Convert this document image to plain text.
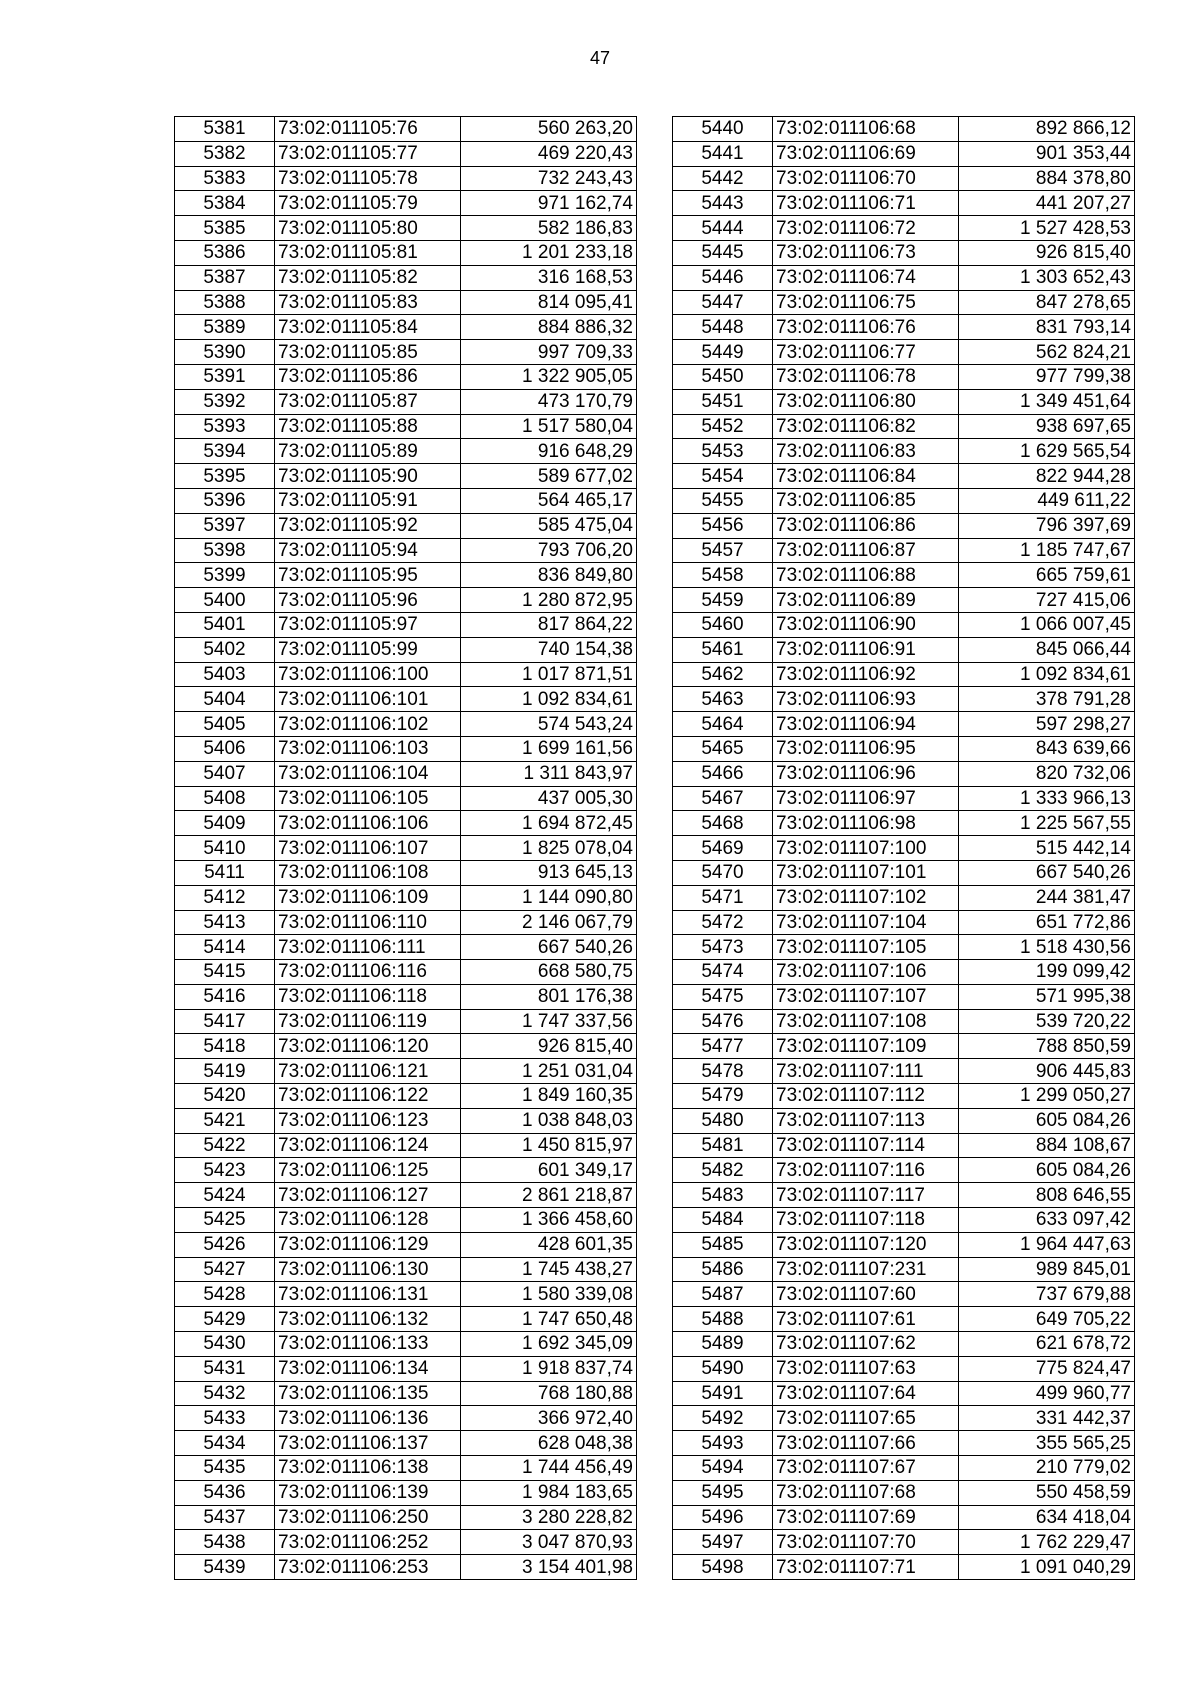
47
5381	73:02:011105:76	560 263,20
5382	73:02:011105:77	469 220,43
5383	73:02:011105:78	732 243,43
5384	73:02:011105:79	971 162,74
5385	73:02:011105:80	582 186,83
5386	73:02:011105:81	1 201 233,18
5387	73:02:011105:82	316 168,53
5388	73:02:011105:83	814 095,41
5389	73:02:011105:84	884 886,32
5390	73:02:011105:85	997 709,33
5391	73:02:011105:86	1 322 905,05
5392	73:02:011105:87	473 170,79
5393	73:02:011105:88	1 517 580,04
5394	73:02:011105:89	916 648,29
5395	73:02:011105:90	589 677,02
5396	73:02:011105:91	564 465,17
5397	73:02:011105:92	585 475,04
5398	73:02:011105:94	793 706,20
5399	73:02:011105:95	836 849,80
5400	73:02:011105:96	1 280 872,95
5401	73:02:011105:97	817 864,22
5402	73:02:011105:99	740 154,38
5403	73:02:011106:100	1 017 871,51
5404	73:02:011106:101	1 092 834,61
5405	73:02:011106:102	574 543,24
5406	73:02:011106:103	1 699 161,56
5407	73:02:011106:104	1 311 843,97
5408	73:02:011106:105	437 005,30
5409	73:02:011106:106	1 694 872,45
5410	73:02:011106:107	1 825 078,04
5411	73:02:011106:108	913 645,13
5412	73:02:011106:109	1 144 090,80
5413	73:02:011106:110	2 146 067,79
5414	73:02:011106:111	667 540,26
5415	73:02:011106:116	668 580,75
5416	73:02:011106:118	801 176,38
5417	73:02:011106:119	1 747 337,56
5418	73:02:011106:120	926 815,40
5419	73:02:011106:121	1 251 031,04
5420	73:02:011106:122	1 849 160,35
5421	73:02:011106:123	1 038 848,03
5422	73:02:011106:124	1 450 815,97
5423	73:02:011106:125	601 349,17
5424	73:02:011106:127	2 861 218,87
5425	73:02:011106:128	1 366 458,60
5426	73:02:011106:129	428 601,35
5427	73:02:011106:130	1 745 438,27
5428	73:02:011106:131	1 580 339,08
5429	73:02:011106:132	1 747 650,48
5430	73:02:011106:133	1 692 345,09
5431	73:02:011106:134	1 918 837,74
5432	73:02:011106:135	768 180,88
5433	73:02:011106:136	366 972,40
5434	73:02:011106:137	628 048,38
5435	73:02:011106:138	1 744 456,49
5436	73:02:011106:139	1 984 183,65
5437	73:02:011106:250	3 280 228,82
5438	73:02:011106:252	3 047 870,93
5439	73:02:011106:253	3 154 401,98
5440	73:02:011106:68	892 866,12
5441	73:02:011106:69	901 353,44
5442	73:02:011106:70	884 378,80
5443	73:02:011106:71	441 207,27
5444	73:02:011106:72	1 527 428,53
5445	73:02:011106:73	926 815,40
5446	73:02:011106:74	1 303 652,43
5447	73:02:011106:75	847 278,65
5448	73:02:011106:76	831 793,14
5449	73:02:011106:77	562 824,21
5450	73:02:011106:78	977 799,38
5451	73:02:011106:80	1 349 451,64
5452	73:02:011106:82	938 697,65
5453	73:02:011106:83	1 629 565,54
5454	73:02:011106:84	822 944,28
5455	73:02:011106:85	449 611,22
5456	73:02:011106:86	796 397,69
5457	73:02:011106:87	1 185 747,67
5458	73:02:011106:88	665 759,61
5459	73:02:011106:89	727 415,06
5460	73:02:011106:90	1 066 007,45
5461	73:02:011106:91	845 066,44
5462	73:02:011106:92	1 092 834,61
5463	73:02:011106:93	378 791,28
5464	73:02:011106:94	597 298,27
5465	73:02:011106:95	843 639,66
5466	73:02:011106:96	820 732,06
5467	73:02:011106:97	1 333 966,13
5468	73:02:011106:98	1 225 567,55
5469	73:02:011107:100	515 442,14
5470	73:02:011107:101	667 540,26
5471	73:02:011107:102	244 381,47
5472	73:02:011107:104	651 772,86
5473	73:02:011107:105	1 518 430,56
5474	73:02:011107:106	199 099,42
5475	73:02:011107:107	571 995,38
5476	73:02:011107:108	539 720,22
5477	73:02:011107:109	788 850,59
5478	73:02:011107:111	906 445,83
5479	73:02:011107:112	1 299 050,27
5480	73:02:011107:113	605 084,26
5481	73:02:011107:114	884 108,67
5482	73:02:011107:116	605 084,26
5483	73:02:011107:117	808 646,55
5484	73:02:011107:118	633 097,42
5485	73:02:011107:120	1 964 447,63
5486	73:02:011107:231	989 845,01
5487	73:02:011107:60	737 679,88
5488	73:02:011107:61	649 705,22
5489	73:02:011107:62	621 678,72
5490	73:02:011107:63	775 824,47
5491	73:02:011107:64	499 960,77
5492	73:02:011107:65	331 442,37
5493	73:02:011107:66	355 565,25
5494	73:02:011107:67	210 779,02
5495	73:02:011107:68	550 458,59
5496	73:02:011107:69	634 418,04
5497	73:02:011107:70	1 762 229,47
5498	73:02:011107:71	1 091 040,29
